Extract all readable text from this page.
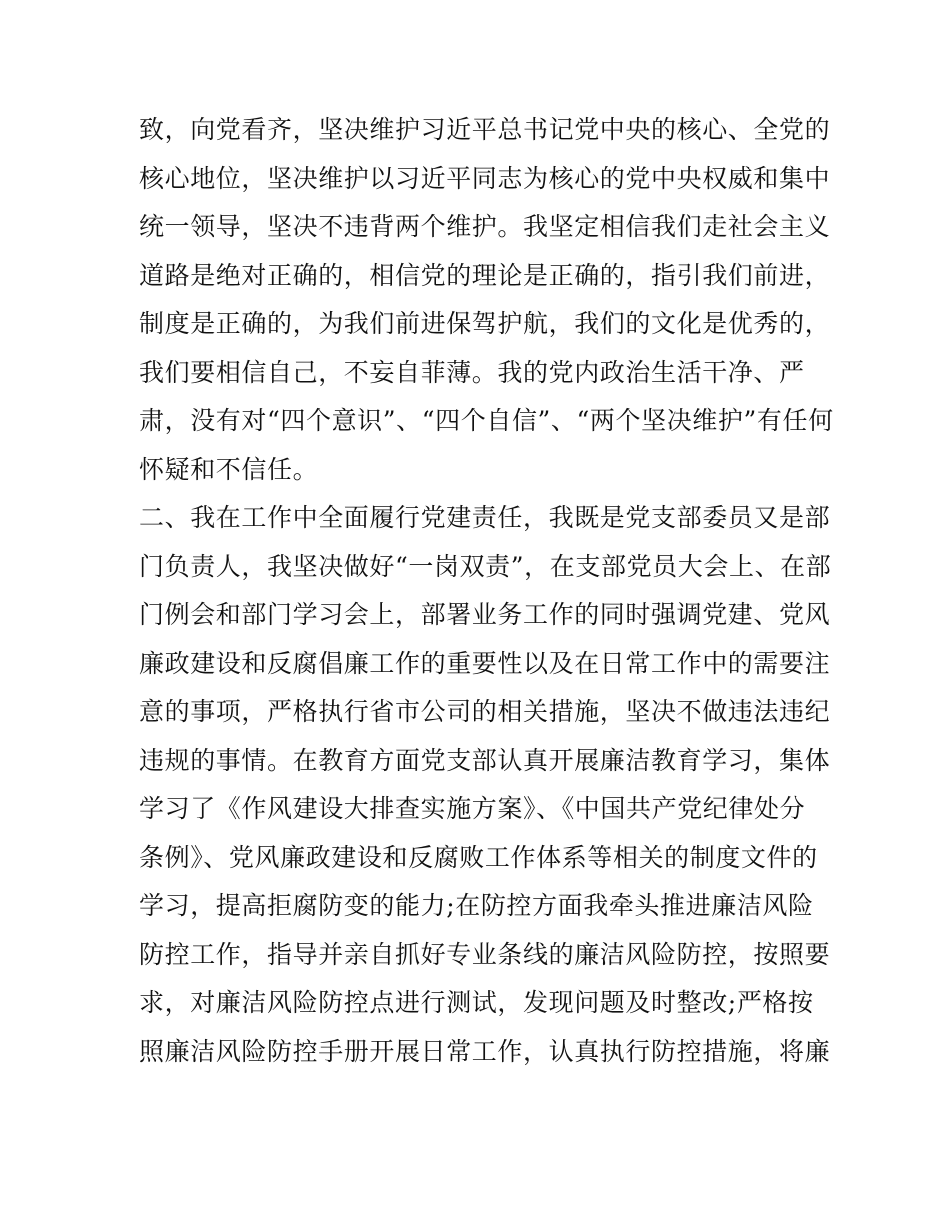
致，向党看齐，坚决维护习近平总书记党中央的核心、全党的
核心地位，坚决维护以习近平同志为核心的党中央权威和集中
统一领导，坚决不违背两个维护。我坚定相信我们走社会主义
道路是绝对正确的，相信党的理论是正确的，指引我们前进，
制度是正确的，为我们前进保驾护航，我们的文化是优秀的，
我们要相信自己，不妄自菲薄。我的党内政治生活干净、严
肃，没有对“四个意识”、“四个自信”、“两个坚决维护”有任何
怀疑和不信任。
二、我在工作中全面履行党建责任，我既是党支部委员又是部
门负责人，我坚决做好“一岗双责”，在支部党员大会上、在部
门例会和部门学习会上，部署业务工作的同时强调党建、党风
廉政建设和反腐倡廉工作的重要性以及在日常工作中的需要注
意的事项，严格执行省市公司的相关措施，坚决不做违法违纪
违规的事情。在教育方面党支部认真开展廉洁教育学习，集体
学习了《作风建设大排查实施方案》、《中国共产党纪律处分
条例》、党风廉政建设和反腐败工作体系等相关的制度文件的
学习，提高拒腐防变的能力;在防控方面我牵头推进廉洁风险
防控工作，指导并亲自抓好专业条线的廉洁风险防控，按照要
求，对廉洁风险防控点进行测试，发现问题及时整改;严格按
照廉洁风险防控手册开展日常工作，认真执行防控措施，将廉
